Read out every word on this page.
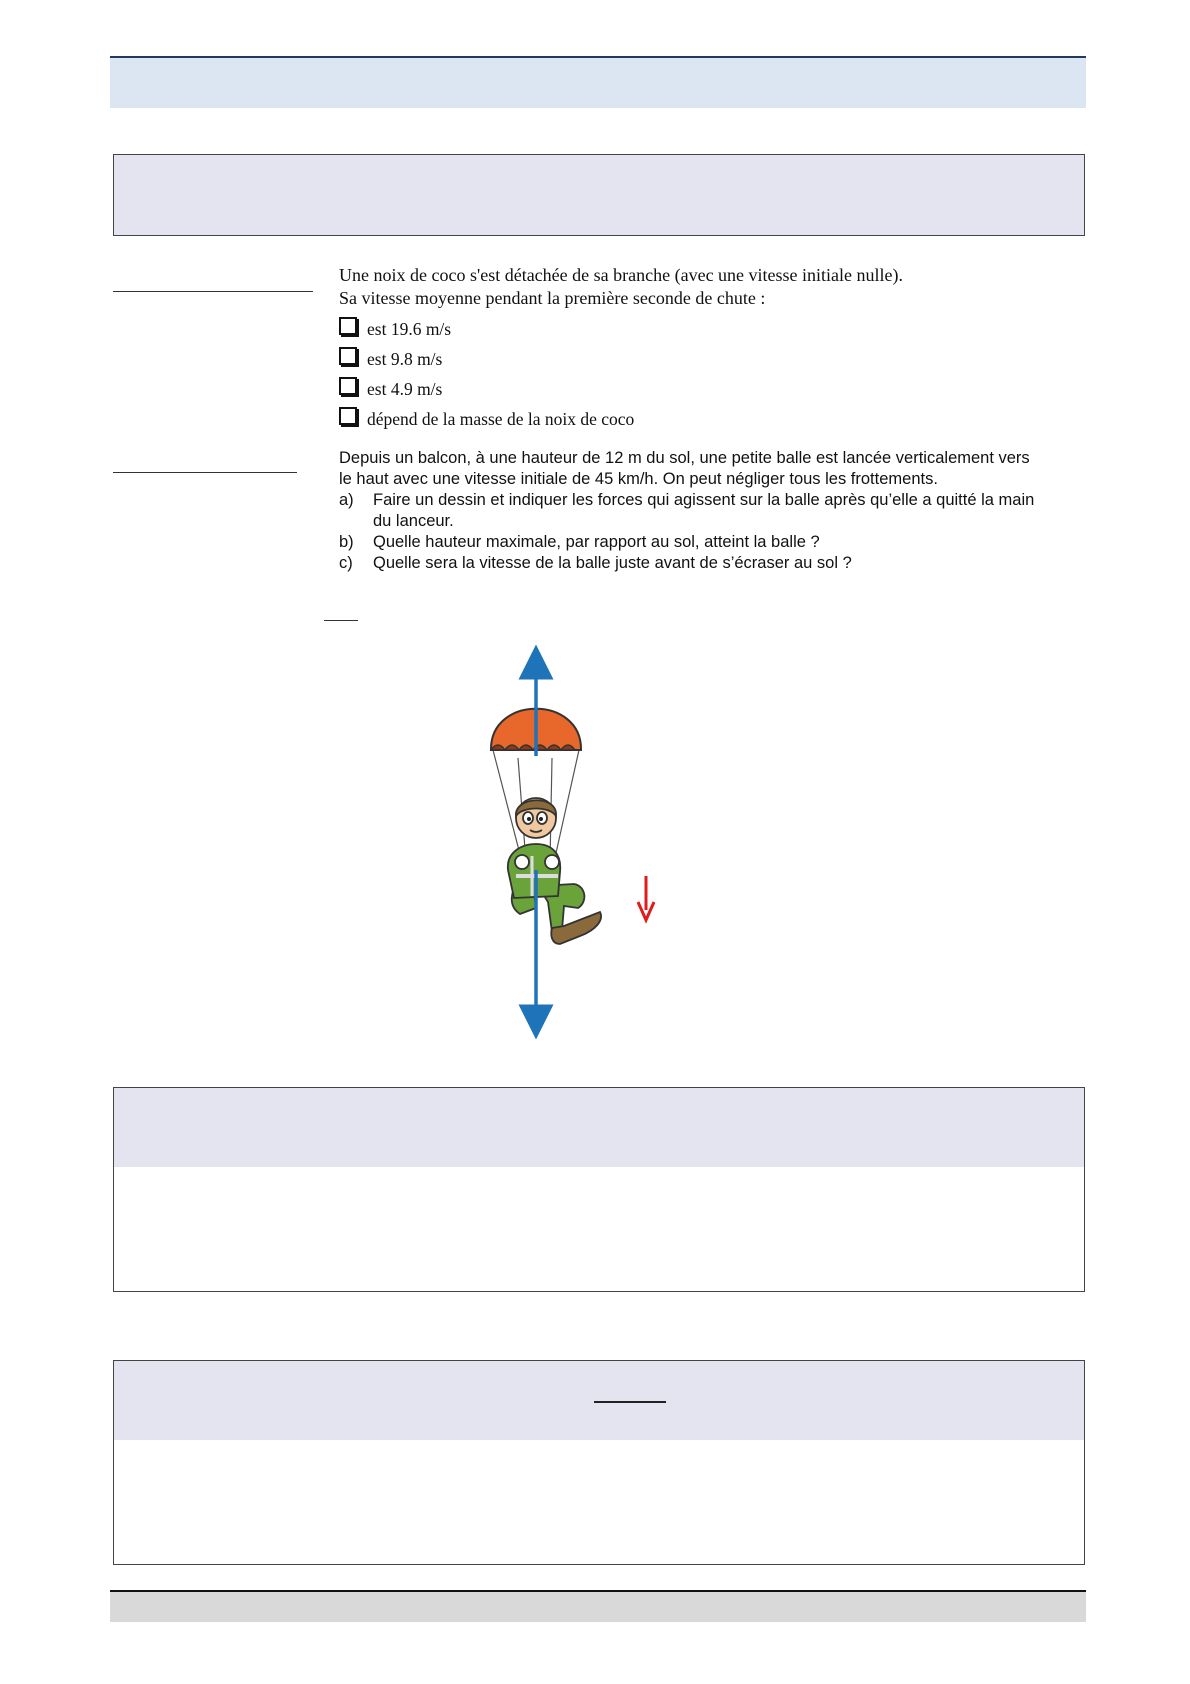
Une noix de coco s'est détachée de sa branche (avec une vitesse initiale nulle).
Sa vitesse moyenne pendant la première seconde de chute :
est 19.6 m/s
est 9.8 m/s
est 4.9 m/s
dépend de la masse de la noix de coco
Depuis un balcon, à une hauteur de 12 m du sol, une petite balle est lancée verticalement vers
le haut avec une vitesse initiale de 45 km/h. On peut négliger tous les frottements.
a)	Faire un dessin et indiquer les forces qui agissent sur la balle après qu’elle a quitté la main du lanceur.
b)	Quelle hauteur maximale, par rapport au sol, atteint la balle ?
c)	Quelle sera la vitesse de la balle juste avant de s’écraser au sol ?
